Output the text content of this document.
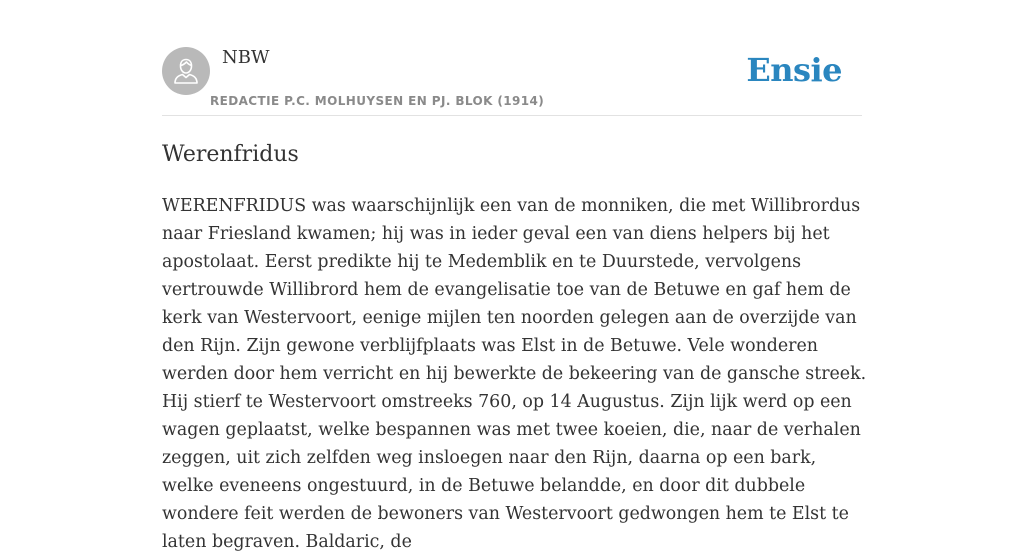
NBW
REDACTIE P.C. MOLHUYSEN EN PJ. BLOK (1914)
Ensie
Werenfridus

WERENFRIDUS was waarschijnlijk een van de monniken, die met Willibrordus naar Friesland kwamen; hij was in ieder geval een van diens helpers bij het apostolaat. Eerst predikte hij te Medemblik en te Duurstede, vervolgens vertrouwde Willibrord hem de evangelisatie toe van de Betuwe en gaf hem de kerk van Westervoort, eenige mijlen ten noorden gelegen aan de overzijde van den Rijn. Zijn gewone verblijfplaats was Elst in de Betuwe. Vele wonderen werden door hem verricht en hij bewerkte de bekeering van de gansche streek. Hij stierf te Westervoort omstreeks 760, op 14 Augustus. Zijn lijk werd op een wagen geplaatst, welke bespannen was met twee koeien, die, naar de verhalen zeggen, uit zich zelfden weg insloegen naar den Rijn, daarna op een bark, welke eveneens ongestuurd, in de Betuwe belandde, en door dit dubbele wondere feit werden de bewoners van Westervoort gedwongen hem te Elst te laten begraven. Baldaric, de
